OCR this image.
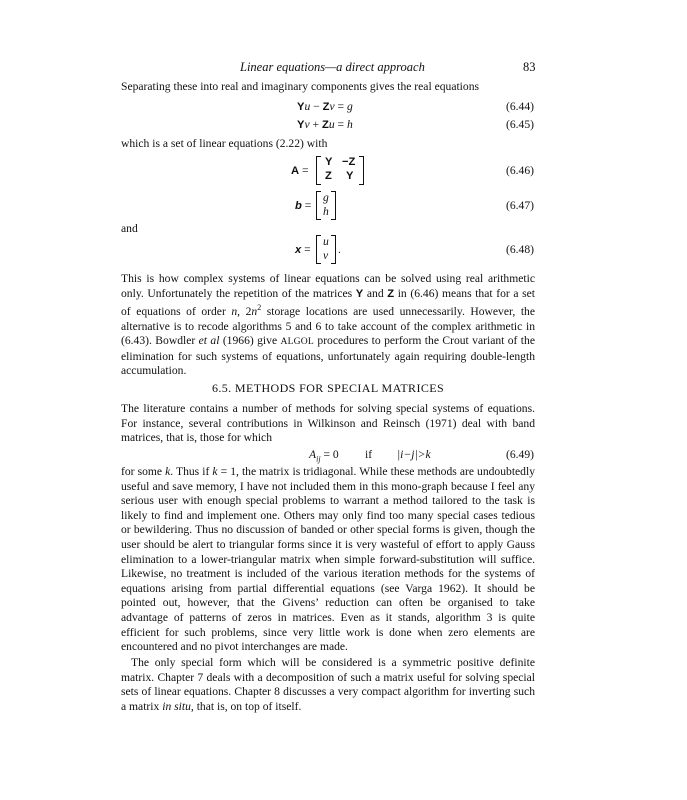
Linear equations—a direct approach	83

Separating these into real and imaginary components gives the real equations

Yu − Zv = g	(6.44)
Yv + Zu = h	(6.45)

which is a set of linear equations (2.22) with

A =
Y −Z
Z Y	(6.46)
b =
g
h	(6.47)

and

x =
u
v .	(6.48)

This is how complex systems of linear equations can be solved using real arithmetic only. Unfortunately the repetition of the matrices Y and Z in (6.46) means that for a set of equations of order n, $2n^2$ storage locations are used unnecessarily. However, the alternative is to recode algorithms 5 and 6 to take account of the complex arithmetic in (6.43). Bowdler et al (1966) give ALGOL procedures to perform the Crout variant of the elimination for such systems of equations, unfortunately again requiring double-length accumulation.

6.5. METHODS FOR SPECIAL MATRICES

The literature contains a number of methods for solving special systems of equations. For instance, several contributions in Wilkinson and Reinsch (1971) deal with band matrices, that is, those for which

$A_{ij} = 0$ if |i−j|>k	(6.49)

for some k. Thus if k = 1, the matrix is tridiagonal. While these methods are undoubtedly useful and save memory, I have not included them in this mono-graph because I feel any serious user with enough special problems to warrant a method tailored to the task is likely to find and implement one. Others may only find too many special cases tedious or bewildering. Thus no discussion of banded or other special forms is given, though the user should be alert to triangular forms since it is very wasteful of effort to apply Gauss elimination to a lower-triangular matrix when simple forward-substitution will suffice. Likewise, no treatment is included of the various iteration methods for the systems of equations arising from partial differential equations (see Varga 1962). It should be pointed out, however, that the Givens’ reduction can often be organised to take advantage of patterns of zeros in matrices. Even as it stands, algorithm 3 is quite efficient for such problems, since very little work is done when zero elements are encountered and no pivot interchanges are made.

The only special form which will be considered is a symmetric positive definite matrix. Chapter 7 deals with a decomposition of such a matrix useful for solving special sets of linear equations. Chapter 8 discusses a very compact algorithm for inverting such a matrix in situ, that is, on top of itself.
